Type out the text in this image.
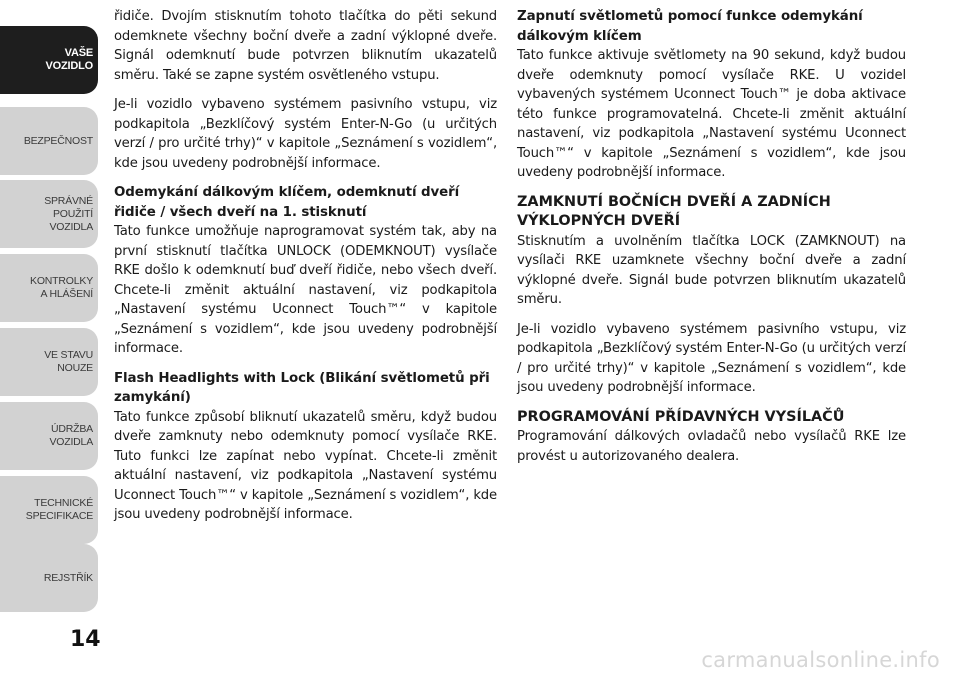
VAŠE
VOZIDLO
BEZPEČNOST
SPRÁVNÉ
POUŽITÍ
VOZIDLA
KONTROLKY
A HLÁŠENÍ
VE STAVU
NOUZE
ÚDRŽBA
VOZIDLA
TECHNICKÉ
SPECIFIKACE
REJSTŘÍK
14

řidiče. Dvojím stisknutím tohoto tlačítka do pěti sekund odemknete všechny boční dveře a zadní výklopné dveře. Signál odemknutí bude potvrzen bliknutím ukazatelů směru. Také se zapne systém osvětleného vstupu.

Je-li vozidlo vybaveno systémem pasivního vstupu, viz podkapitola „Bezklíčový systém Enter-N-Go (u určitých verzí / pro určité trhy)“ v kapitole „Seznámení s vozidlem“, kde jsou uvedeny podrobnější informace.

Odemykání dálkovým klíčem, odemknutí dveří řidiče / všech dveří na 1. stisknutí

Tato funkce umožňuje naprogramovat systém tak, aby na první stisknutí tlačítka UNLOCK (ODEMKNOUT) vysílače RKE došlo k odemknutí buď dveří řidiče, nebo všech dveří. Chcete-li změnit aktuální nastavení, viz podkapitola „Nastavení systému Uconnect Touch™“ v kapitole „Seznámení s vozidlem“, kde jsou uvedeny podrobnější informace.

Flash Headlights with Lock (Blikání světlometů při zamykání)

Tato funkce způsobí bliknutí ukazatelů směru, když budou dveře zamknuty nebo odemknuty pomocí vysílače RKE. Tuto funkci lze zapínat nebo vypínat. Chcete-li změnit aktuální nastavení, viz podkapitola „Nastavení systému Uconnect Touch™“ v kapitole „Seznámení s vozidlem“, kde jsou uvedeny podrobnější informace.

Zapnutí světlometů pomocí funkce odemykání dálkovým klíčem

Tato funkce aktivuje světlomety na 90 sekund, když budou dveře odemknuty pomocí vysílače RKE. U vozidel vybavených systémem Uconnect Touch™ je doba aktivace této funkce programovatelná. Chcete-li změnit aktuální nastavení, viz podkapitola „Nastavení systému Uconnect Touch™“ v kapitole „Seznámení s vozidlem“, kde jsou uvedeny podrobnější informace.

ZAMKNUTÍ BOČNÍCH DVEŘÍ A ZADNÍCH VÝKLOPNÝCH DVEŘÍ

Stisknutím a uvolněním tlačítka LOCK (ZAMKNOUT) na vysílači RKE uzamknete všechny boční dveře a zadní výklopné dveře. Signál bude potvrzen bliknutím ukazatelů směru.

Je-li vozidlo vybaveno systémem pasivního vstupu, viz podkapitola „Bezklíčový systém Enter-N-Go (u určitých verzí / pro určité trhy)“ v kapitole „Seznámení s vozidlem“, kde jsou uvedeny podrobnější informace.

PROGRAMOVÁNÍ PŘÍDAVNÝCH VYSÍLAČŮ

Programování dálkových ovladačů nebo vysílačů RKE lze provést u autorizovaného dealera.

carmanualsonline.info
